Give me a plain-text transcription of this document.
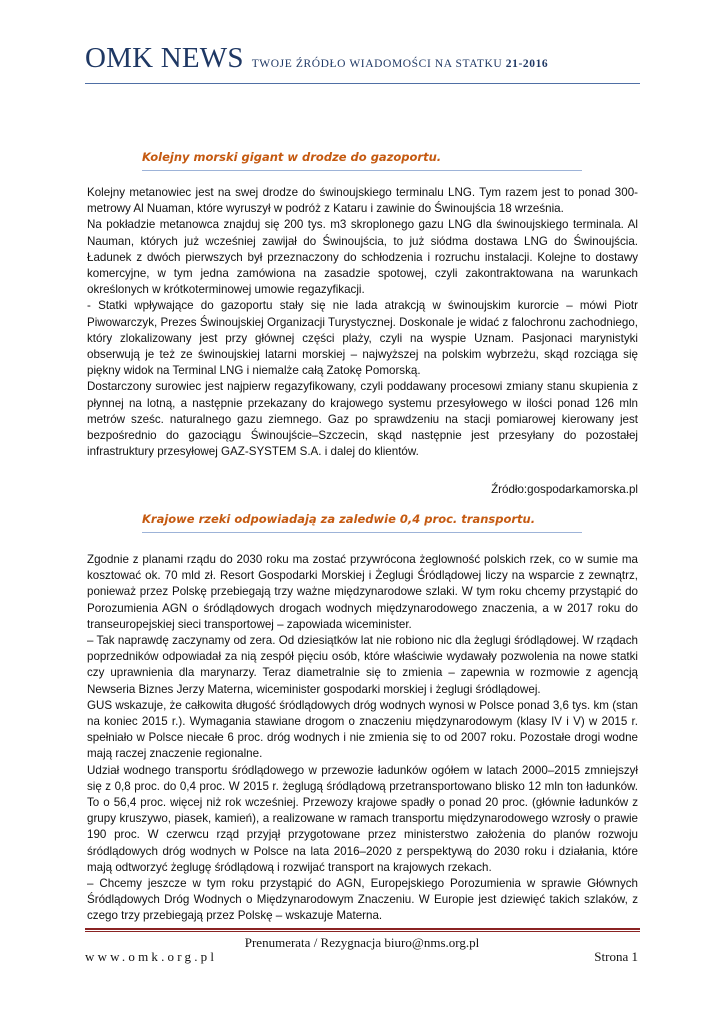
OMK NEWS TWOJE ŹRÓDŁO WIADOMOŚCI NA STATKU 21-2016
Kolejny morski gigant w drodze do gazoportu.

Kolejny metanowiec jest na swej drodze do świnoujskiego terminalu LNG. Tym razem jest to ponad 300-metrowy Al Nuaman, które wyruszył w podróż z Kataru i zawinie do Świnoujścia 18 września.

Na pokładzie metanowca znajduj się 200 tys. m3 skroplonego gazu LNG dla świnoujskiego terminala. Al Nauman, których już wcześniej zawijał do Świnoujścia, to już siódma dostawa LNG do Świnoujścia. Ładunek z dwóch pierwszych był przeznaczony do schłodzenia i rozruchu instalacji. Kolejne to dostawy komercyjne, w tym jedna zamówiona na zasadzie spotowej, czyli zakontraktowana na warunkach określonych w krótkoterminowej umowie regazyfikacji.

- Statki wpływające do gazoportu stały się nie lada atrakcją w świnoujskim kurorcie – mówi Piotr Piwowarczyk, Prezes Świnoujskiej Organizacji Turystycznej. Doskonale je widać z falochronu zachodniego, który zlokalizowany jest przy głównej części plaży, czyli na wyspie Uznam. Pasjonaci marynistyki obserwują je też ze świnoujskiej latarni morskiej – najwyższej na polskim wybrzeżu, skąd rozciąga się piękny widok na Terminal LNG i niemalże całą Zatokę Pomorską.

Dostarczony surowiec jest najpierw regazyfikowany, czyli poddawany procesowi zmiany stanu skupienia z płynnej na lotną, a następnie przekazany do krajowego systemu przesyłowego w ilości ponad 126 mln metrów sześc. naturalnego gazu ziemnego. Gaz po sprawdzeniu na stacji pomiarowej kierowany jest bezpośrednio do gazociągu Świnoujście–Szczecin, skąd następnie jest przesyłany do pozostałej infrastruktury przesyłowej GAZ-SYSTEM S.A. i dalej do klientów.

Źródło:gospodarkamorska.pl
Krajowe rzeki odpowiadają za zaledwie 0,4 proc. transportu.

Zgodnie z planami rządu do 2030 roku ma zostać przywrócona żeglowność polskich rzek, co w sumie ma kosztować ok. 70 mld zł. Resort Gospodarki Morskiej i Żeglugi Śródlądowej liczy na wsparcie z zewnątrz, ponieważ przez Polskę przebiegają trzy ważne międzynarodowe szlaki. W tym roku chcemy przystąpić do Porozumienia AGN o śródlądowych drogach wodnych międzynarodowego znaczenia, a w 2017 roku do transeuropejskiej sieci transportowej – zapowiada wiceminister.

– Tak naprawdę zaczynamy od zera. Od dziesiątków lat nie robiono nic dla żeglugi śródlądowej. W rządach poprzedników odpowiadał za nią zespół pięciu osób, które właściwie wydawały pozwolenia na nowe statki czy uprawnienia dla marynarzy. Teraz diametralnie się to zmienia – zapewnia w rozmowie z agencją Newseria Biznes Jerzy Materna, wiceminister gospodarki morskiej i żeglugi śródlądowej.

GUS wskazuje, że całkowita długość śródlądowych dróg wodnych wynosi w Polsce ponad 3,6 tys. km (stan na koniec 2015 r.). Wymagania stawiane drogom o znaczeniu międzynarodowym (klasy IV i V) w 2015 r. spełniało w Polsce niecałe 6 proc. dróg wodnych i nie zmienia się to od 2007 roku. Pozostałe drogi wodne mają raczej znaczenie regionalne.

Udział wodnego transportu śródlądowego w przewozie ładunków ogółem w latach 2000–2015 zmniejszył się z 0,8 proc. do 0,4 proc. W 2015 r. żeglugą śródlądową przetransportowano blisko 12 mln ton ładunków. To o 56,4 proc. więcej niż rok wcześniej. Przewozy krajowe spadły o ponad 20 proc. (głównie ładunków z grupy kruszywo, piasek, kamień), a realizowane w ramach transportu międzynarodowego wzrosły o prawie 190 proc. W czerwcu rząd przyjął przygotowane przez ministerstwo założenia do planów rozwoju śródlądowych dróg wodnych w Polsce na lata 2016–2020 z perspektywą do 2030 roku i działania, które mają odtworzyć żeglugę śródlądową i rozwijać transport na krajowych rzekach.

– Chcemy jeszcze w tym roku przystąpić do AGN, Europejskiego Porozumienia w sprawie Głównych Śródlądowych Dróg Wodnych o Międzynarodowym Znaczeniu. W Europie jest dziewięć takich szlaków, z czego trzy przebiegają przez Polskę – wskazuje Materna.

Prenumerata / Rezygnacja biuro@nms.org.pl
www.omk.org.pl	Strona 1
